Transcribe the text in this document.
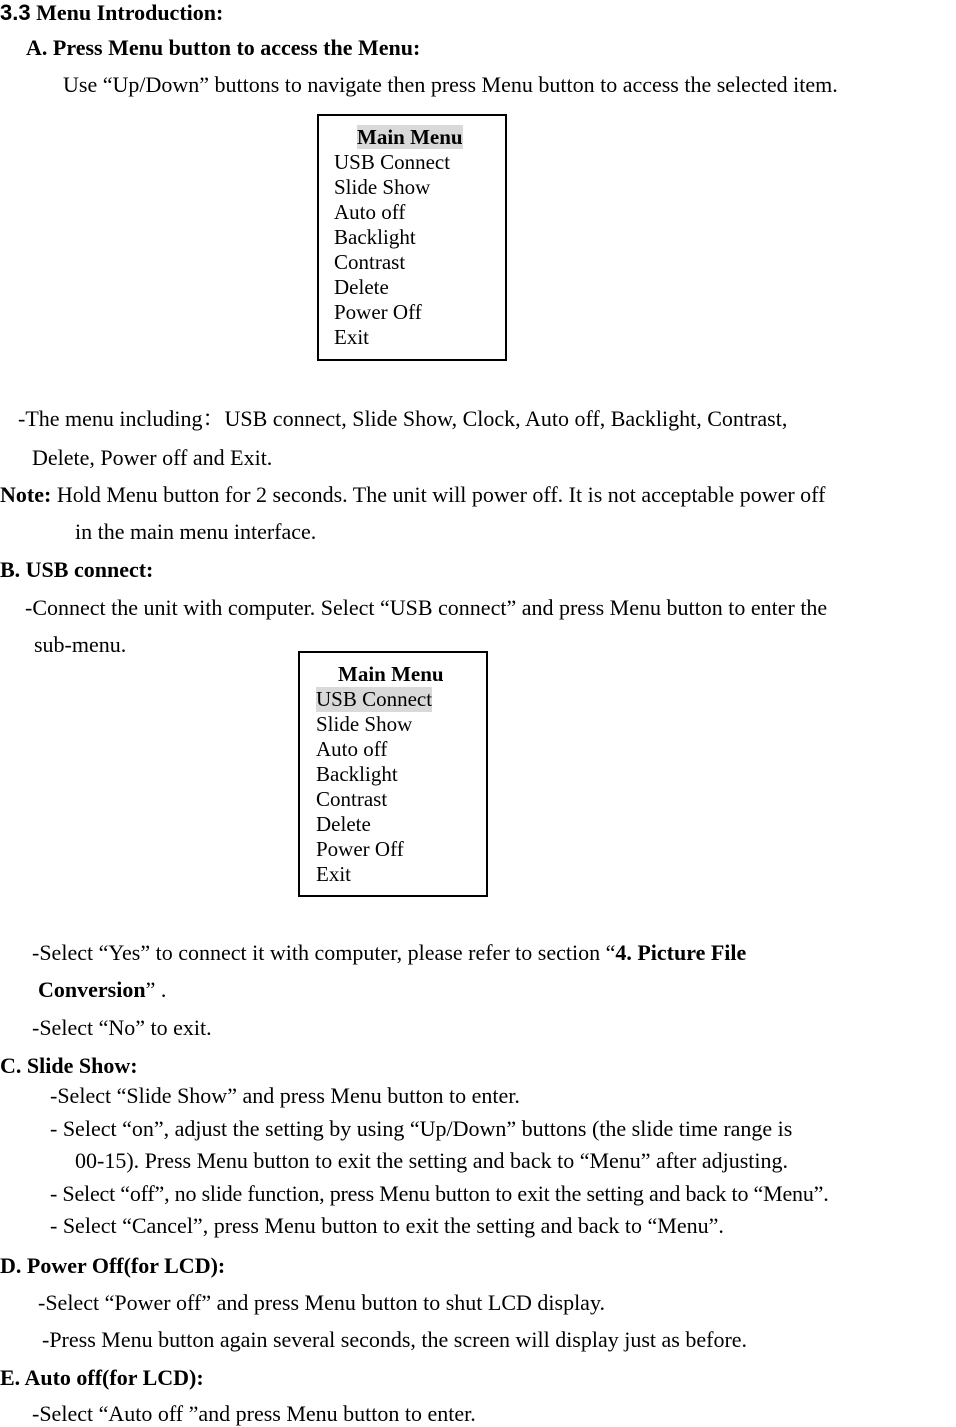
3.3 Menu Introduction:
A. Press Menu button to access the Menu:
Use “Up/Down” buttons to navigate then press Menu button to access the selected item.
Main Menu
USB Connect
Slide Show
Auto off
Backlight
Contrast
Delete
Power Off
Exit
-The menu including：USB connect, Slide Show, Clock, Auto off, Backlight, Contrast,
Delete, Power off and Exit.
Note: Hold Menu button for 2 seconds. The unit will power off. It is not acceptable power off
in the main menu interface.
B. USB connect:
-Connect the unit with computer. Select “USB connect” and press Menu button to enter the
sub-menu.
Main Menu
USB Connect
Slide Show
Auto off
Backlight
Contrast
Delete
Power Off
Exit
-Select “Yes” to connect it with computer, please refer to section “4. Picture File
Conversion” .
-Select “No” to exit.
C. Slide Show:
-Select “Slide Show” and press Menu button to enter.
- Select “on”, adjust the setting by using “Up/Down” buttons (the slide time range is
00-15). Press Menu button to exit the setting and back to “Menu” after adjusting.
- Select “off”, no slide function, press Menu button to exit the setting and back to “Menu”.
- Select “Cancel”, press Menu button to exit the setting and back to “Menu”.
D. Power Off(for LCD):
-Select “Power off” and press Menu button to shut LCD display.
-Press Menu button again several seconds, the screen will display just as before.
E. Auto off(for LCD):
-Select “Auto off ”and press Menu button to enter.
